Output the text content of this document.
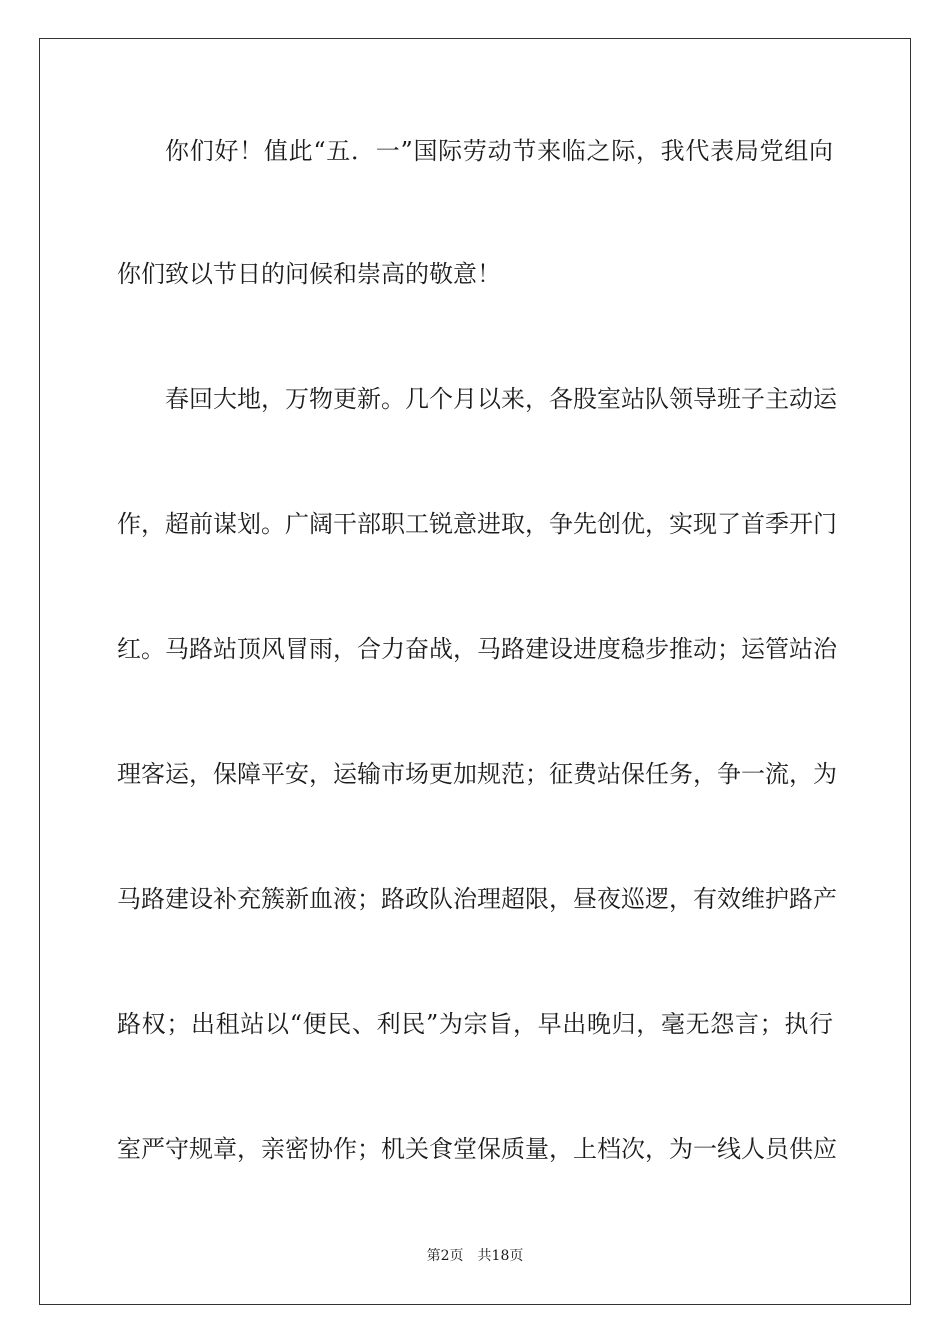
你们好！值此“五．一”国际劳动节来临之际，我代表局党组向
你们致以节日的问候和崇高的敬意！
春回大地，万物更新。几个月以来，各股室站队领导班子主动运
作，超前谋划。广阔干部职工锐意进取，争先创优，实现了首季开门
红。马路站顶风冒雨，合力奋战，马路建设进度稳步推动；运管站治
理客运，保障平安，运输市场更加规范；征费站保任务，争一流，为
马路建设补充簇新血液；路政队治理超限，昼夜巡逻，有效维护路产
路权；出租站以“便民、利民”为宗旨，早出晚归，毫无怨言；执行
室严守规章，亲密协作；机关食堂保质量，上档次，为一线人员供应
第2页 共18页
